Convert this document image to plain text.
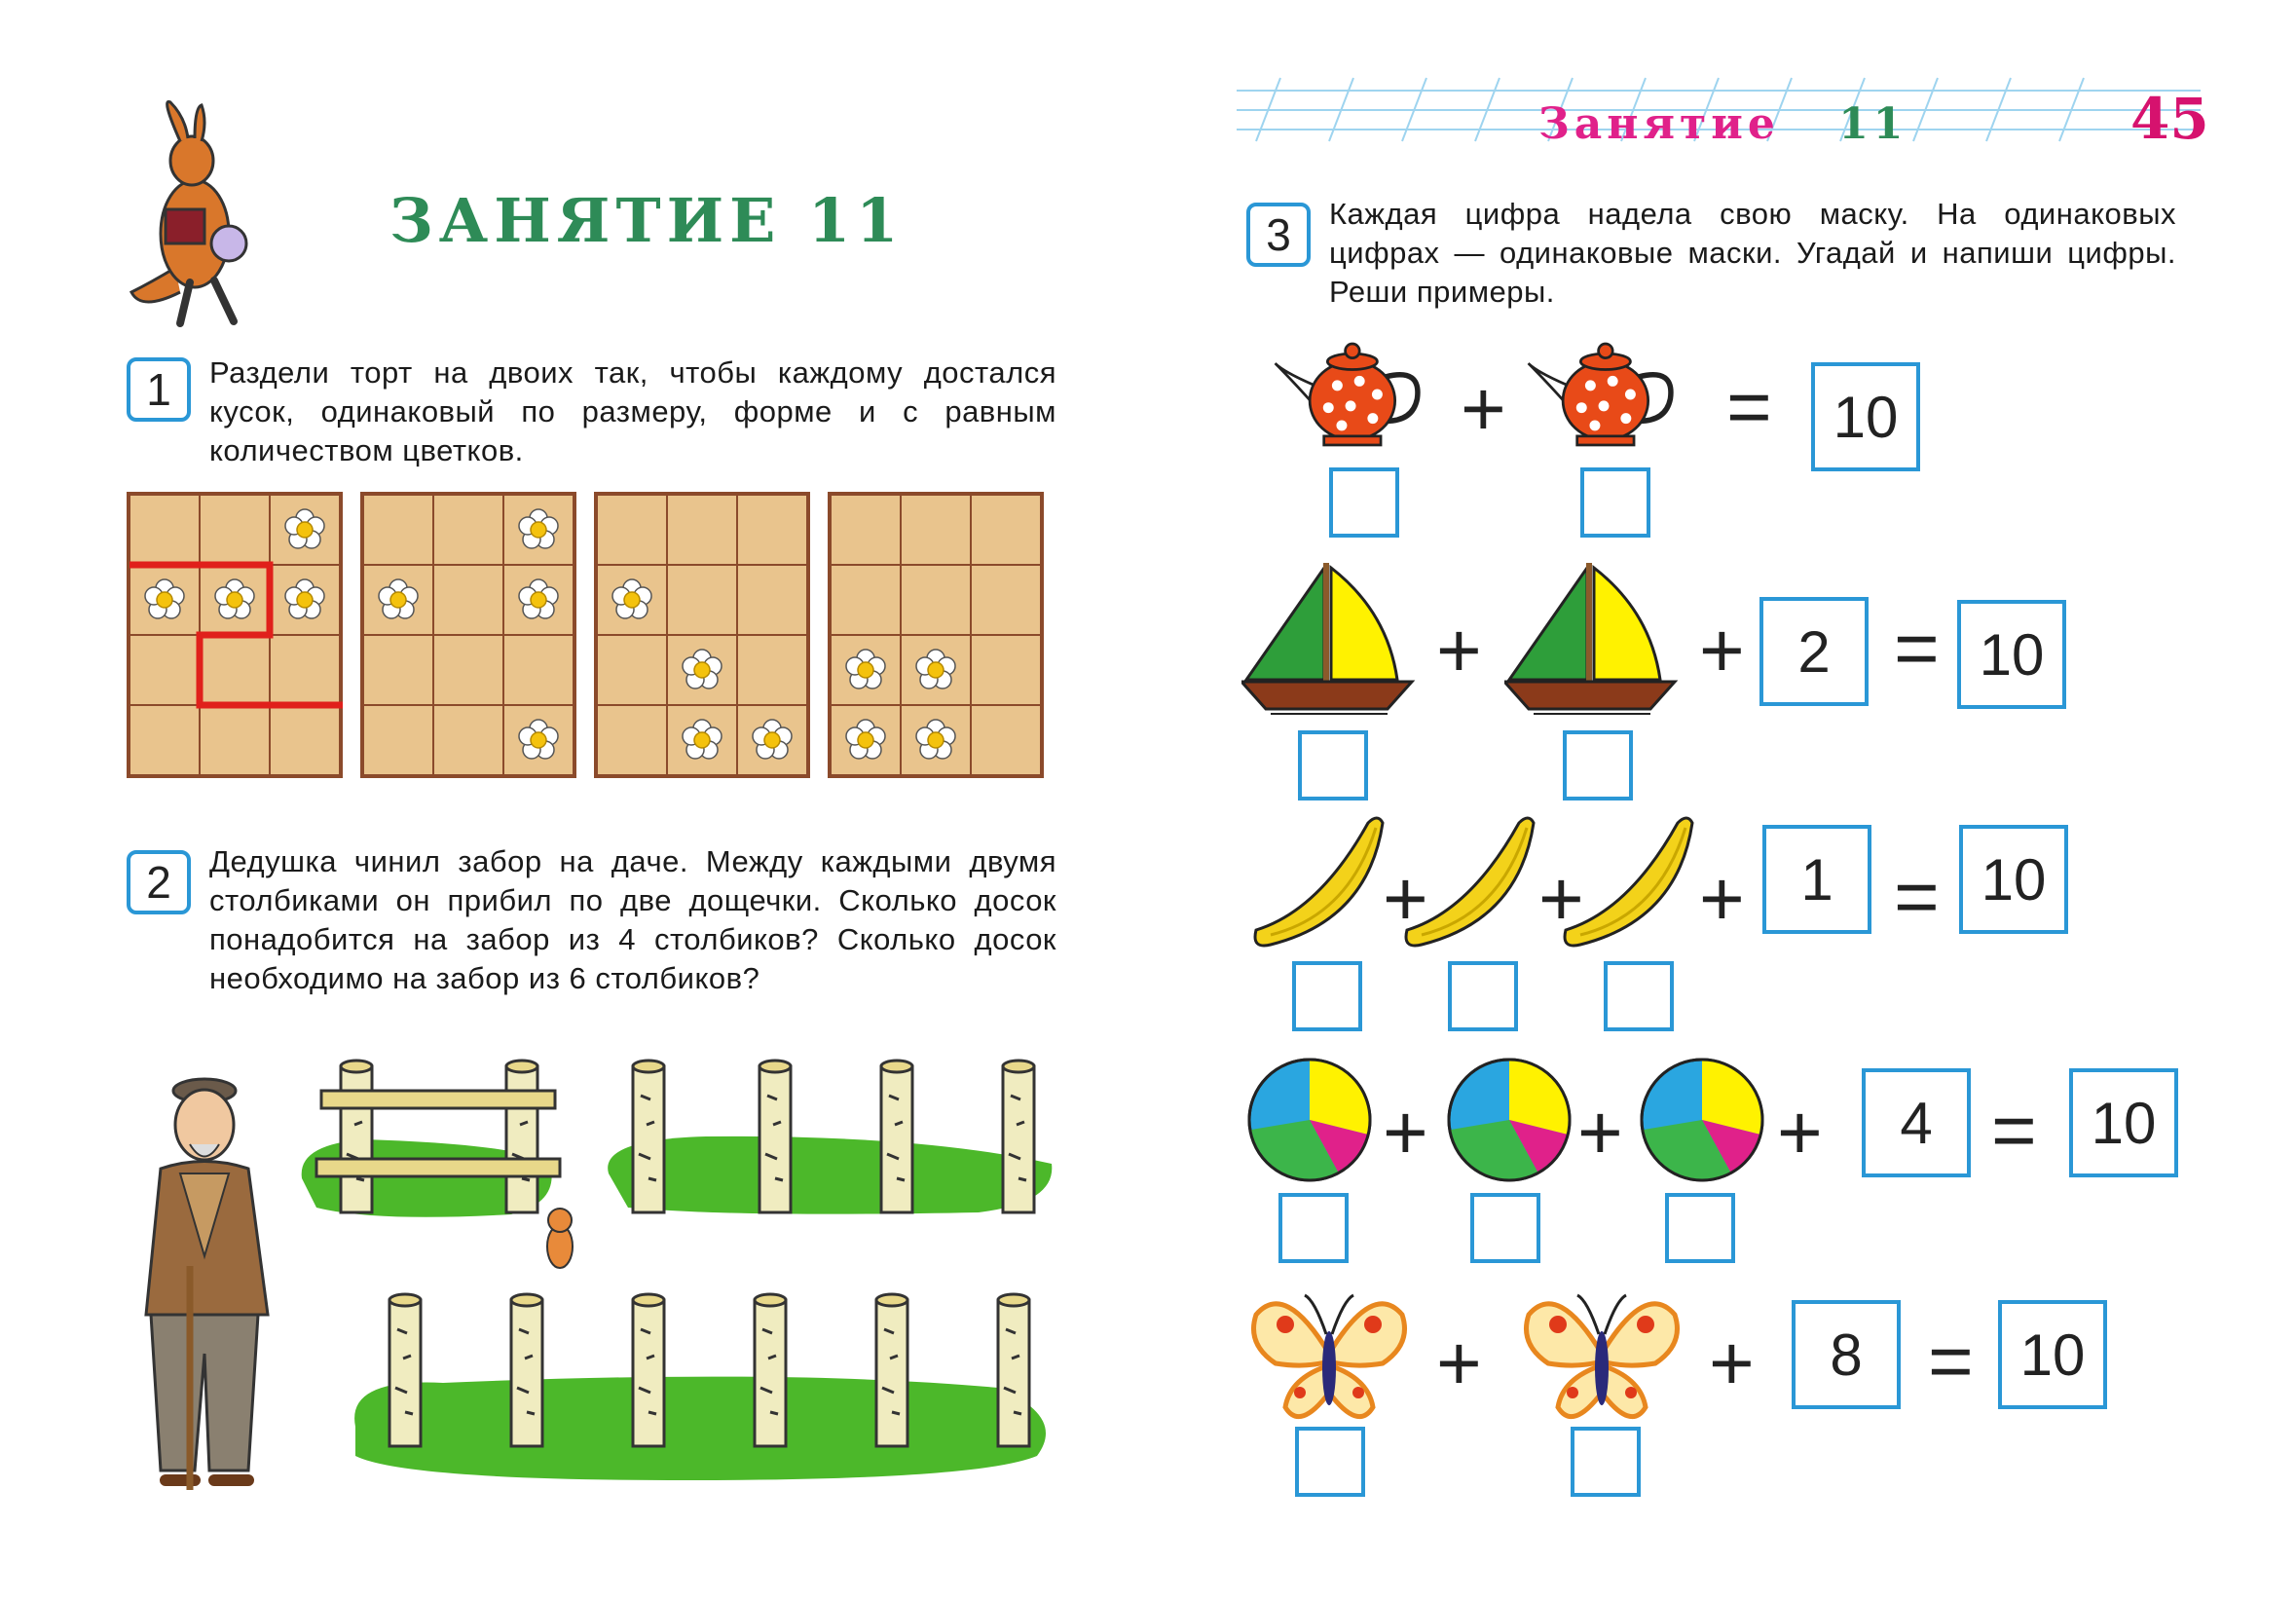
ЗАНЯТИЕ 11
1	Раздели торт на двоих так, чтобы каждому достался кусок, одинаковый по размеру, форме и с равным количеством цветков.
2	Дедушка чинил забор на даче. Между каждыми двумя столбиками он прибил по две дощечки. Сколько досок понадобится на забор из 4 столбиков? Сколько досок необходимо на забор из 6 столбиков?
Занятие 11	45
3	Каждая цифра надела свою маску. На одинаковых цифрах — одинаковые маски. Угадай и напиши цифры. Реши примеры.
+	=	10
+	+ 2 = 10
+ + + 1 = 10
+ + +	4 = 10
+	+	8 = 10
